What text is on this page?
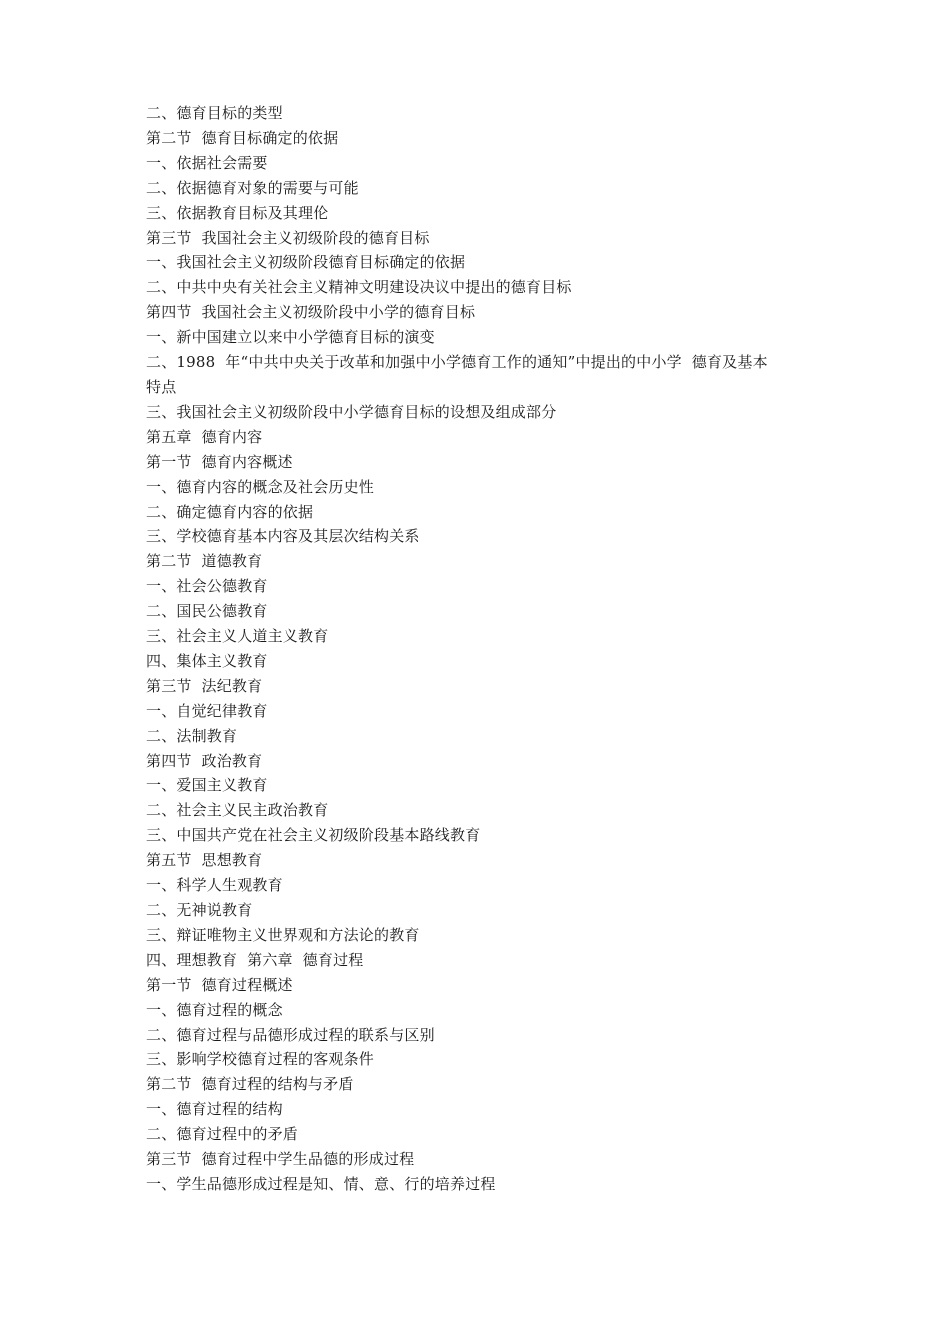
二、德育目标的类型
第二节  德育目标确定的依据
一、依据社会需要
二、依据德育对象的需要与可能
三、依据教育目标及其理伦
第三节  我国社会主义初级阶段的德育目标
一、我国社会主义初级阶段德育目标确定的依据
二、中共中央有关社会主义精神文明建设决议中提出的德育目标
第四节  我国社会主义初级阶段中小学的德育目标
一、新中国建立以来中小学德育目标的演变
二、1988  年“中共中央关于改革和加强中小学德育工作的通知”中提出的中小学  德育及基本
特点
三、我国社会主义初级阶段中小学德育目标的设想及组成部分
第五章  德育内容
第一节  德育内容概述
一、德育内容的概念及社会历史性
二、确定德育内容的依据
三、学校德育基本内容及其层次结构关系
第二节  道德教育
一、社会公德教育
二、国民公德教育
三、社会主义人道主义教育
四、集体主义教育
第三节  法纪教育
一、自觉纪律教育
二、法制教育
第四节  政治教育
一、爱国主义教育
二、社会主义民主政治教育
三、中国共产党在社会主义初级阶段基本路线教育
第五节  思想教育
一、科学人生观教育
二、无神说教育
三、辩证唯物主义世界观和方法论的教育
四、理想教育  第六章  德育过程
第一节  德育过程概述
一、德育过程的概念
二、德育过程与品德形成过程的联系与区别
三、影响学校德育过程的客观条件
第二节  德育过程的结构与矛盾
一、德育过程的结构
二、德育过程中的矛盾
第三节  德育过程中学生品德的形成过程
一、学生品德形成过程是知、情、意、行的培养过程
